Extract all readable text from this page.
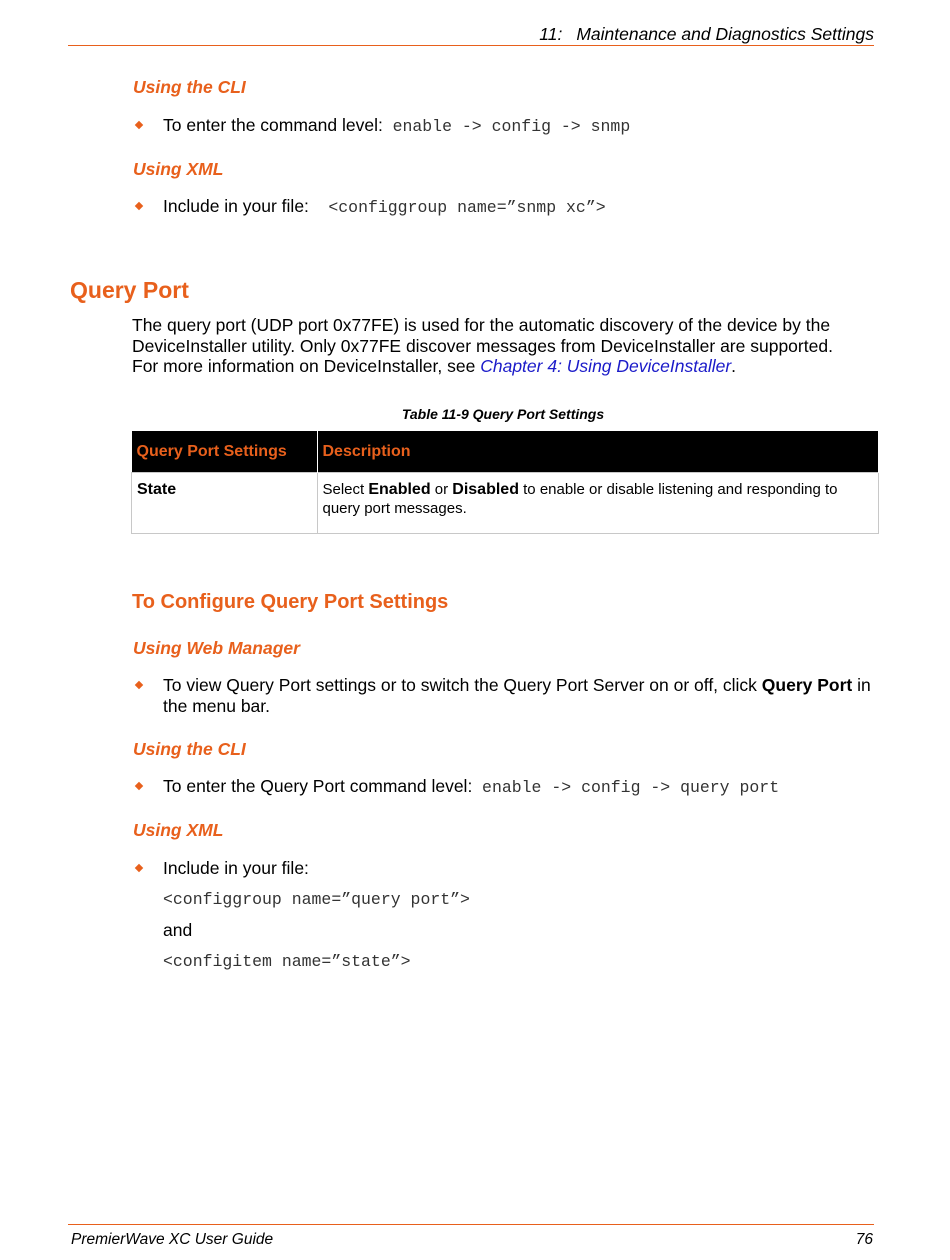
11: Maintenance and Diagnostics Settings
Using the CLI
To enter the command level: enable -> config -> snmp
Using XML
Include in your file: <configgroup name=”snmp xc”>
Query Port
The query port (UDP port 0x77FE) is used for the automatic discovery of the device by the DeviceInstaller utility. Only 0x77FE discover messages from DeviceInstaller are supported. For more information on DeviceInstaller, see Chapter 4: Using DeviceInstaller.
Table 11-9 Query Port Settings
Query Port Settings	Description
State	Select Enabled or Disabled to enable or disable listening and responding to query port messages.
To Configure Query Port Settings
Using Web Manager
To view Query Port settings or to switch the Query Port Server on or off, click Query Port in the menu bar.
Using the CLI
To enter the Query Port command level: enable -> config -> query port
Using XML
Include in your file:
<configgroup name=”query port”>
and
<configitem name=”state”>
PremierWave XC User Guide	76
